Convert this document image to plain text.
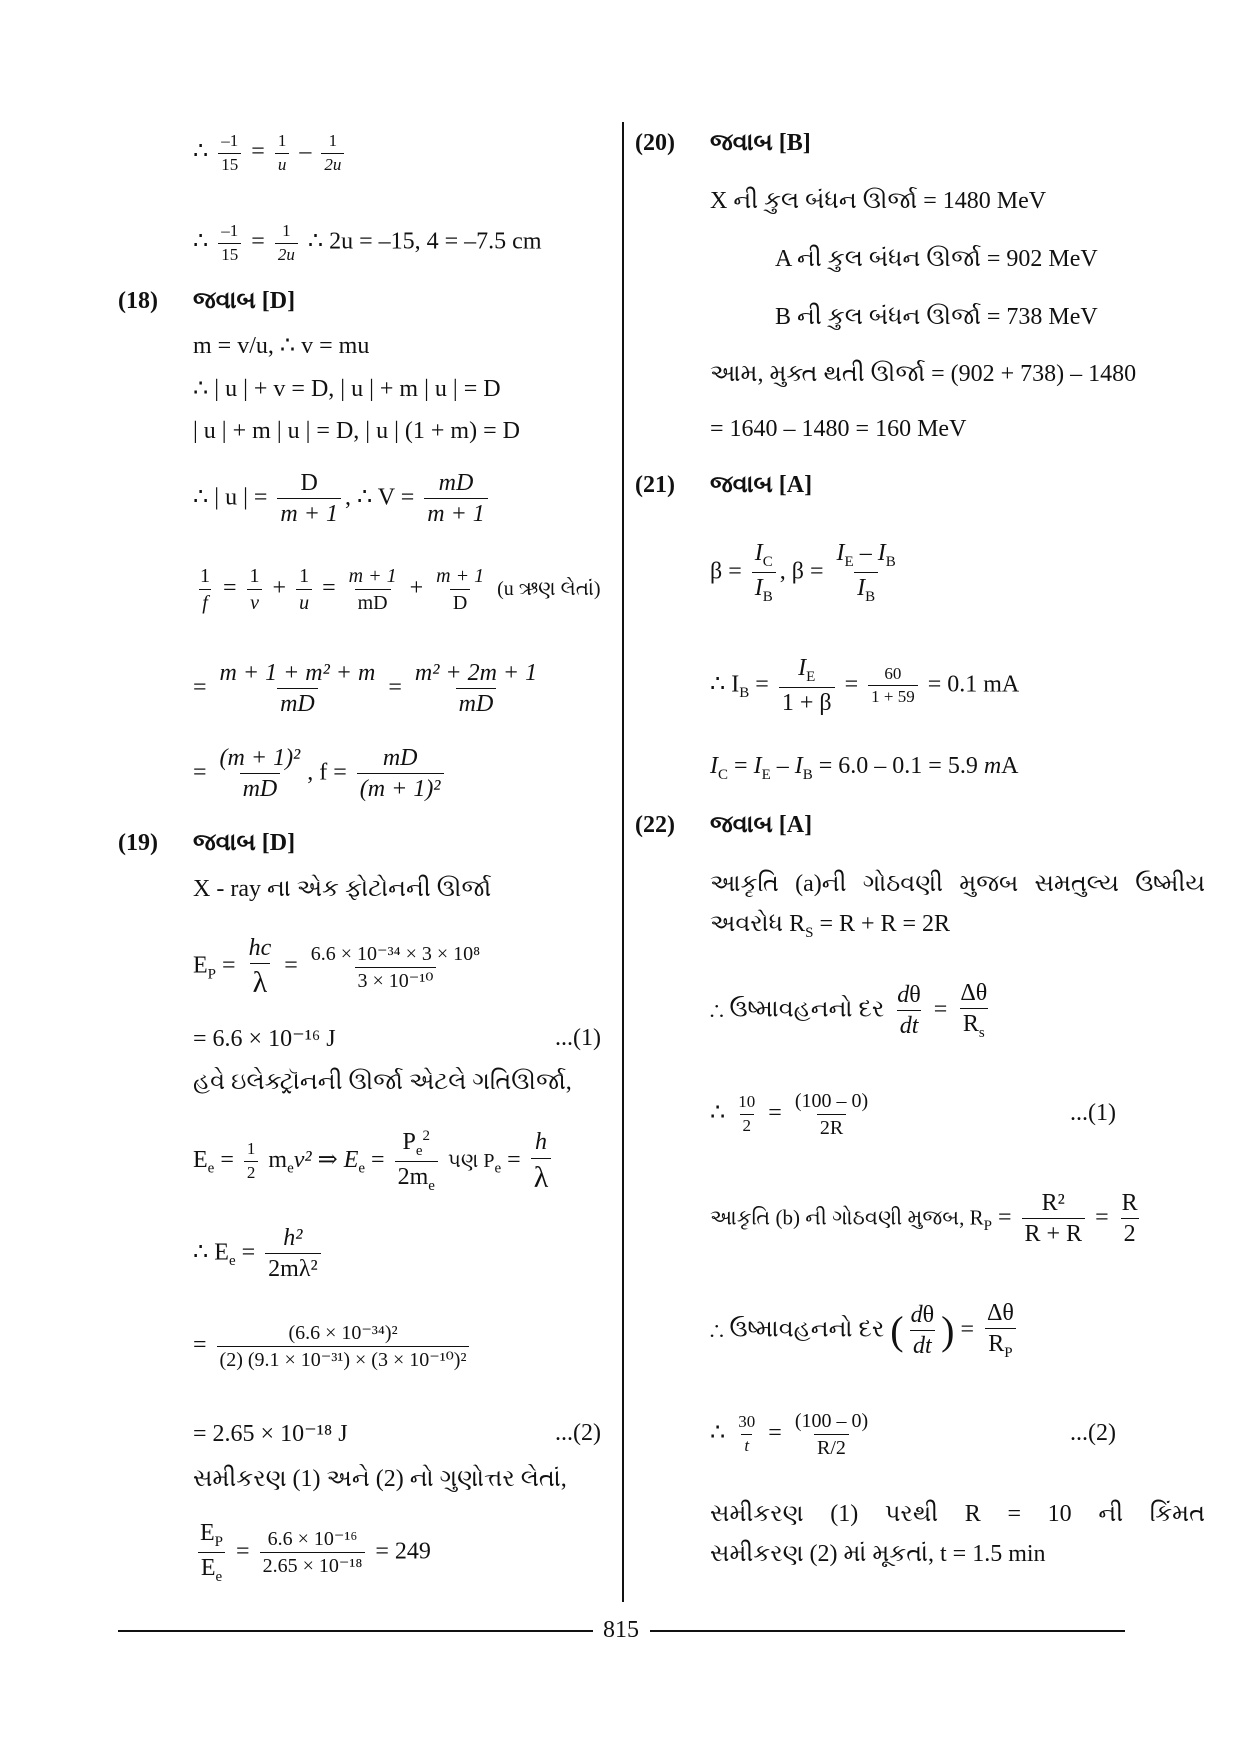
∴ $\frac{-1}{15} = \frac{1}{u} - \frac{1}{2u}$
∴ $\frac{-1}{15} = \frac{1}{2u}$ ∴ 2u = –15, 4 = –7.5 cm
(18) જવાબ [D]
m = v/u, ∴ v = mu
∴ | u | + v = D, | u | + m | u | = D
| u | + m | u | = D, | u | (1 + m) = D
∴ | u | = $\frac{D}{m + 1}$ , ∴ $V = \frac{mD}{m + 1}$
$\frac{1}{f} = \frac{1}{v} + \frac{1}{u} = \frac{m + 1}{mD} + \frac{m + 1}{D} (u$ ઋણ લેતાં)
= $\frac{\text{m + 1 + m² + m}}{mD} = \frac{\text{m² + 2m + 1}}{mD}$
= $\frac{\text{(m + 1)²}}{mD}$ , $f = \frac{mD}{\text{(m + 1)²}}$
(19) જવાબ [D]
X - ray ના એક ફોટોનની ઊર્જા
$E_P = \frac{hc}{\lambda} = \frac{\text{6.6 × 10⁻³⁴ × 3 × 10⁸}}{\text{3 × 10⁻¹⁰}}$
= 6.6 × 10⁻¹⁶ J	...(1)
હવે ઇલેક્ટ્રૉનની ઊર્જા એટલે ગતિઊર્જા,
$E_e = \frac{1}{2} m_ev^2$ ⇒ $E_e = \frac{P_e^2}{2m_e}$ પણ $P_e = \frac{h}{\lambda}$
∴ $E_e = \frac{\text{h²}}{\text{2mλ²}}$
= $\frac{\text{(6.6 × 10⁻³⁴)²}}{\text{(2) (9.1 × 10⁻³¹) × (3 × 10⁻¹⁰)²}}$
= 2.65 × 10⁻¹⁸ J	...(2)
સમીકરણ (1) અને (2) નો ગુણોત્તર લેતાં,
$\frac{E_P}{E_e} = \frac{\text{6.6 × 10⁻¹⁶}}{\text{2.65 × 10⁻¹⁸}} = 249$
(20) જવાબ [B]
X ની કુલ બંધન ઊર્જા = 1480 MeV
A ની કુલ બંધન ઊર્જા = 902 MeV
B ની કુલ બંધન ઊર્જા = 738 MeV
આમ, મુક્ત થતી ઊર્જા = (902 + 738) – 1480
= 1640 – 1480 = 160 MeV
(21) જવાબ [A]
$\beta = \frac{I_C}{I_B}$ , $\beta = \frac{I_E - I_B}{I_B}$
∴ $I_B = \frac{I_E}{1 + \beta} = \frac{60}{1 + 59} = 0.1$ mA
$I_C = I_E - I_B = 6.0 - 0.1 = 5.9$ mA
(22) જવાબ [A]
આકૃતિ (a)ની ગોઠવણી મુજબ સમતુલ્ય ઉષ્મીય
અવરોધ $R_S = R + R = 2R$
∴ ઉષ્માવહનનો દર $\frac{d\theta}{dt} = \frac{\Delta\theta}{R_s}$
∴ $\frac{10}{2} = \frac{(100 - 0)}{2R}$	...(1)
આકૃતિ (b) ની ગોઠવણી મુજબ, $R_P = \frac{\text{R²}}{R + R} = \frac{R}{2}$
∴ ઉષ્માવહનનો દર ( $\frac{d\theta}{dt}$ ) = $\frac{\Delta\theta}{R_P}$
∴ $\frac{30}{t} = \frac{(100 - 0)}{R/2}$	...(2)
સમીકરણ (1) પરથી R = 10 ની કિંમત
સમીકરણ (2) માં મૂકતાં, t = 1.5 min
815
